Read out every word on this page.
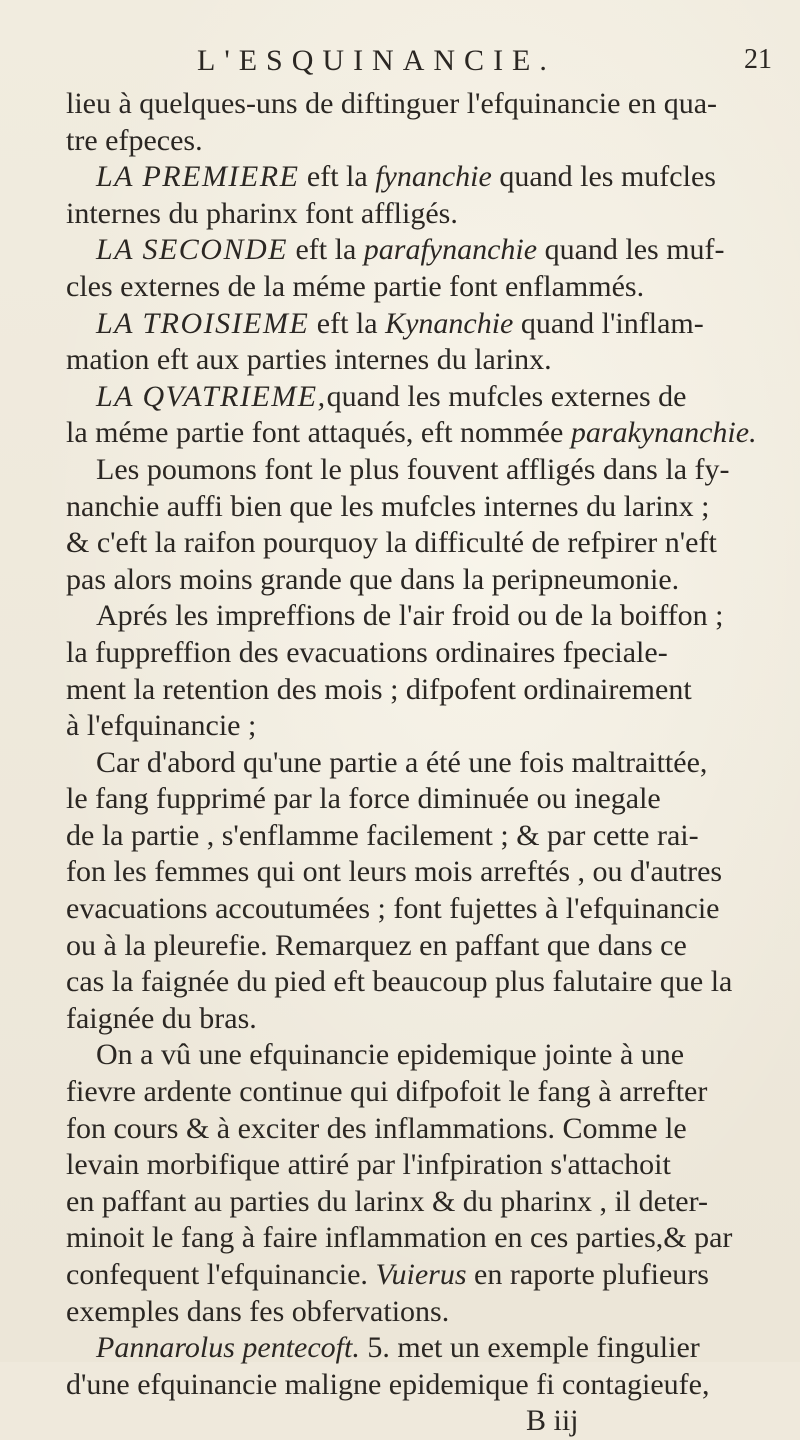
L'ESQUINANCIE.	21
lieu à quelques-uns de diftinguer l'efquinancie en qua-
tre efpeces.
LA PREMIERE eft la fynanchie quand les mufcles
internes du pharinx font affligés.
LA SECONDE eft la parafynanchie quand les muf-
cles externes de la méme partie font enflammés.
LA TROISIEME eft la Kynanchie quand l'inflam-
mation eft aux parties internes du larinx.
LA QVATRIEME,quand les mufcles externes de
la méme partie font attaqués, eft nommée parakynanchie.
Les poumons font le plus fouvent affligés dans la fy-
nanchie auffi bien que les mufcles internes du larinx ;
& c'eft la raifon pourquoy la difficulté de refpirer n'eft
pas alors moins grande que dans la peripneumonie.
Aprés les impreffions de l'air froid ou de la boiffon ;
la fuppreffion des evacuations ordinaires fpeciale-
ment la retention des mois ; difpofent ordinairement
à l'efquinancie ;
Car d'abord qu'une partie a été une fois maltraittée,
le fang fupprimé par la force diminuée ou inegale
de la partie , s'enflamme facilement ; & par cette rai-
fon les femmes qui ont leurs mois arreftés , ou d'autres
evacuations accoutumées ; font fujettes à l'efquinancie
ou à la pleurefie. Remarquez en paffant que dans ce
cas la faignée du pied eft beaucoup plus falutaire que la
faignée du bras.
On a vû une efquinancie epidemique jointe à une
fievre ardente continue qui difpofoit le fang à arrefter
fon cours & à exciter des inflammations. Comme le
levain morbifique attiré par l'infpiration s'attachoit
en paffant au parties du larinx & du pharinx , il deter-
minoit le fang à faire inflammation en ces parties,& par
confequent l'efquinancie. Vuierus en raporte plufieurs
exemples dans fes obfervations.
Pannarolus pentecoft. 5. met un exemple fingulier
d'une efquinancie maligne epidemique fi contagieufe,
B iij
